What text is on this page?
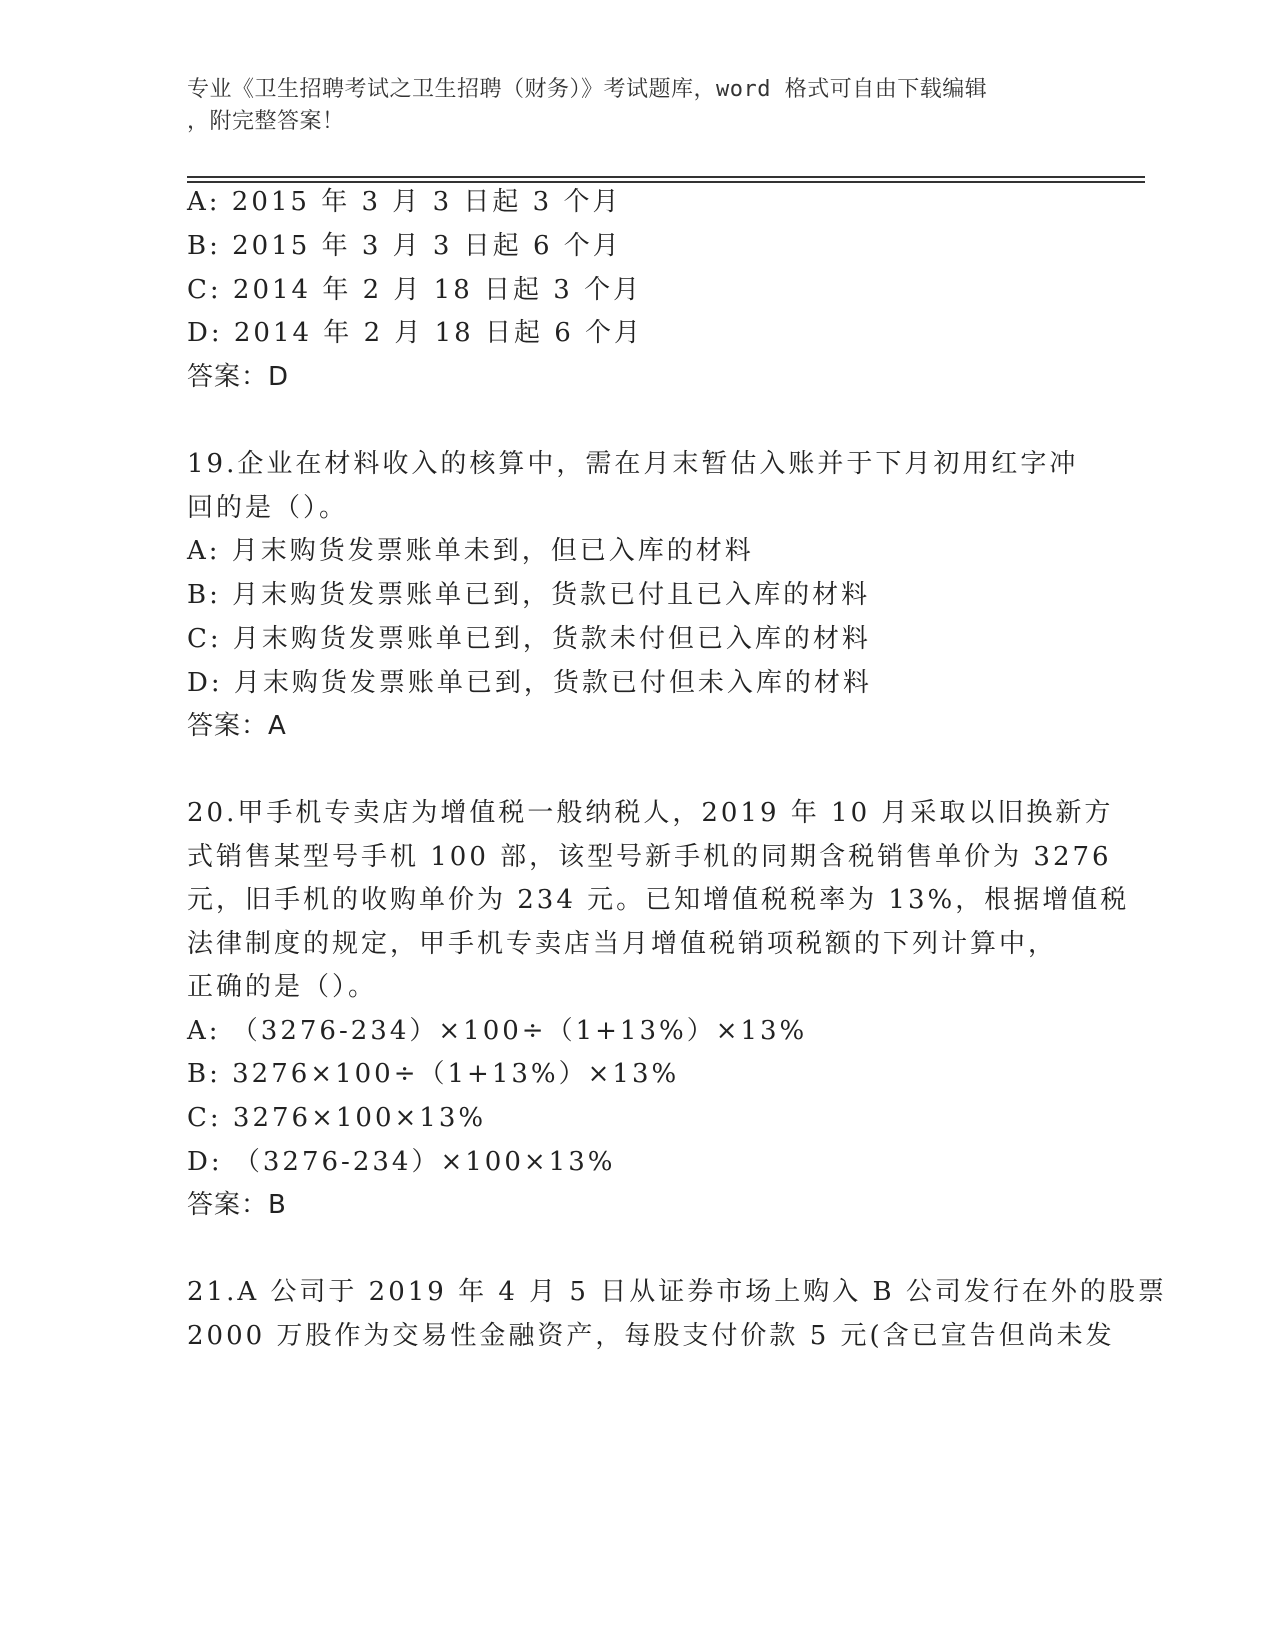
专业《卫生招聘考试之卫生招聘（财务）》考试题库，word 格式可自由下载编辑
，附完整答案！
A: 2015 年 3 月 3 日起 3 个月
B: 2015 年 3 月 3 日起 6 个月
C: 2014 年 2 月 18 日起 3 个月
D: 2014 年 2 月 18 日起 6 个月
答案：D
19.企业在材料收入的核算中，需在月末暂估入账并于下月初用红字冲
回的是（）。
A: 月末购货发票账单未到，但已入库的材料
B: 月末购货发票账单已到，货款已付且已入库的材料
C: 月末购货发票账单已到，货款未付但已入库的材料
D: 月末购货发票账单已到，货款已付但未入库的材料
答案：A
20.甲手机专卖店为增值税一般纳税人，2019 年 10 月采取以旧换新方
式销售某型号手机 100 部，该型号新手机的同期含税销售单价为 3276
元，旧手机的收购单价为 234 元。已知增值税税率为 13%，根据增值税
法律制度的规定，甲手机专卖店当月增值税销项税额的下列计算中，
正确的是（）。
A: （3276-234）×100÷（1+13%）×13%
B: 3276×100÷（1+13%）×13%
C: 3276×100×13%
D: （3276-234）×100×13%
答案：B
21.A 公司于 2019 年 4 月 5 日从证券市场上购入 B 公司发行在外的股票
2000 万股作为交易性金融资产，每股支付价款 5 元(含已宣告但尚未发
